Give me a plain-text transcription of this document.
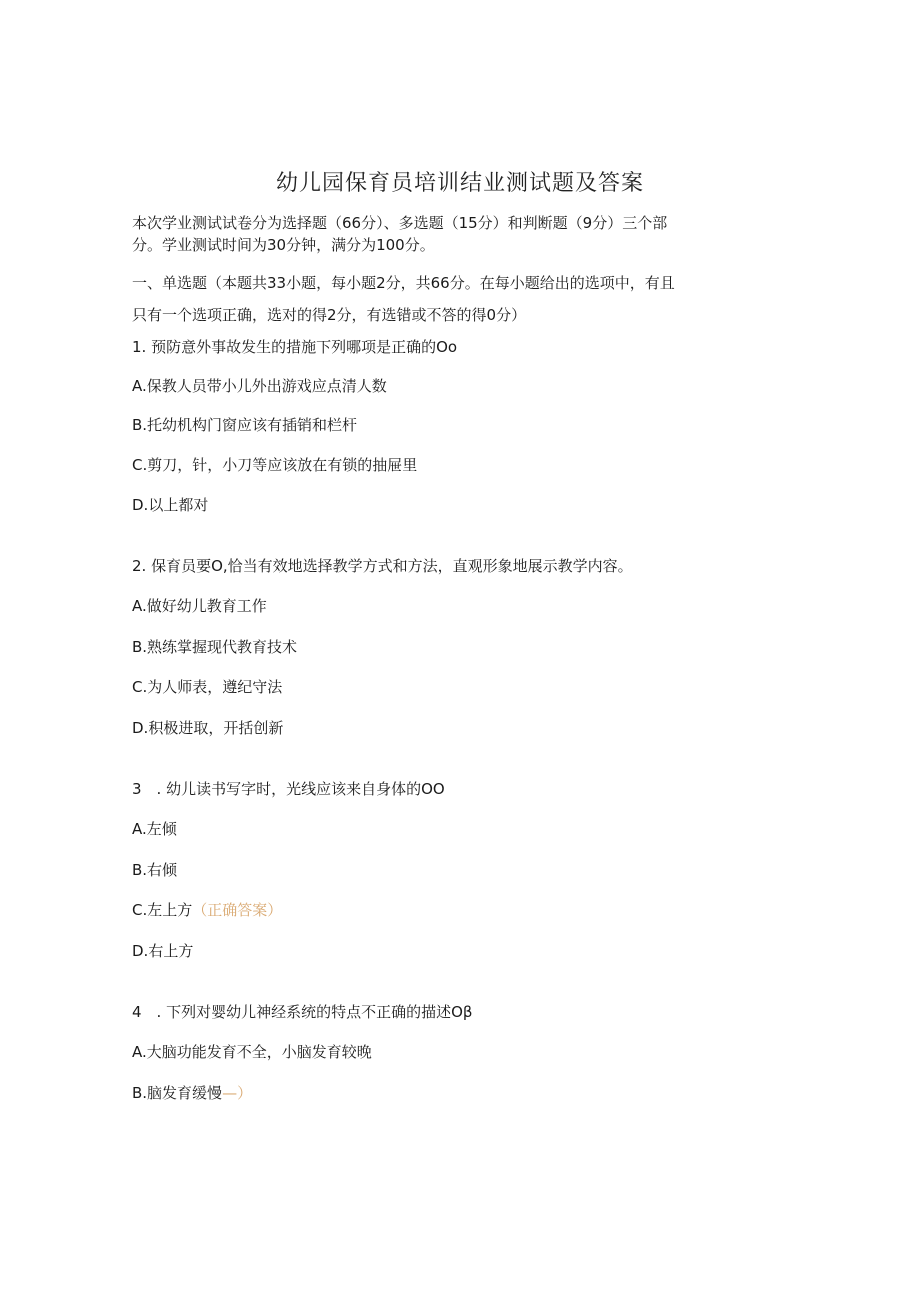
幼儿园保育员培训结业测试题及答案
本次学业测试试卷分为选择题（66分）、多选题（15分）和判断题（9分）三个部
分。学业测试时间为30分钟，满分为100分。
一、单选题（本题共33小题，每小题2分，共66分。在每小题给出的选项中，有且
只有一个选项正确，选对的得2分，有选错或不答的得0分）
1. 预防意外事故发生的措施下列哪项是正确的Oo
A.保教人员带小儿外出游戏应点清人数
B.托幼机构门窗应该有插销和栏杆
C.剪刀，针，小刀等应该放在有锁的抽屉里
D.以上都对
2. 保育员要O,恰当有效地选择教学方式和方法，直观形象地展示教学内容。
A.做好幼儿教育工作
B.熟练掌握现代教育技术
C.为人师表，遵纪守法
D.积极进取，开括创新
3　. 幼儿读书写字时，光线应该来自身体的OO
A.左倾
B.右倾
C.左上方（正确答案）
D.右上方
4　. 下列对婴幼儿神经系统的特点不正确的描述Oβ
A.大脑功能发育不全，小脑发育较晚
B.脑发育缓慢—）
